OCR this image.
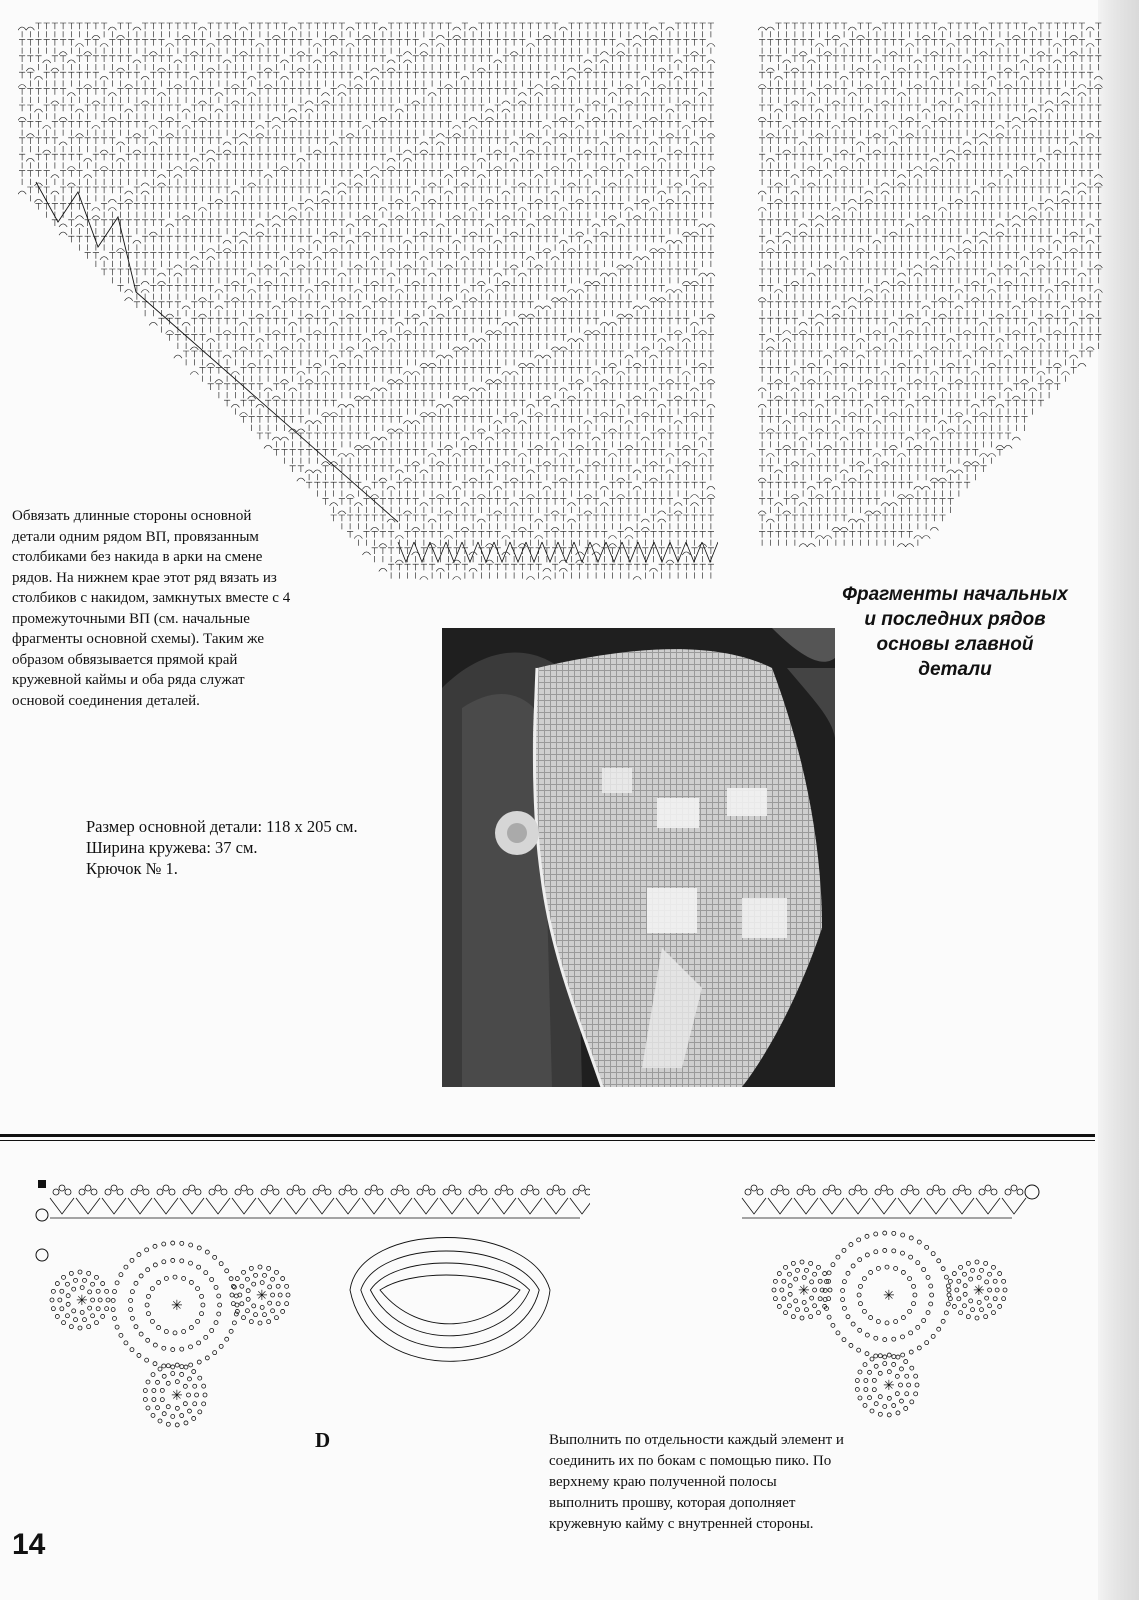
Обвязать длинные стороны основной детали одним рядом ВП, провязанным столбиками без накида в арки на смене рядов. На нижнем крае этот ряд вязать из столбиков с накидом, замкнутых вместе с 4 промежуточными ВП (см. начальные фрагменты основной схемы). Таким же образом обвязывается прямой край кружевной каймы и оба ряда служат основой соединения деталей.
Фрагменты начальных и последних рядов основы главной детали
Размер основной детали: 118 х 205 см.
Ширина кружева: 37 см.
Крючок № 1.
✳
✳	✳
✳
✳
✳	✳
✳
D	Выполнить по отдельности каждый элемент и соединить их по бокам с помощью пико. По верхнему краю полученной полосы выполнить прошву, которая дополняет кружевную кайму с внутренней стороны.
14
